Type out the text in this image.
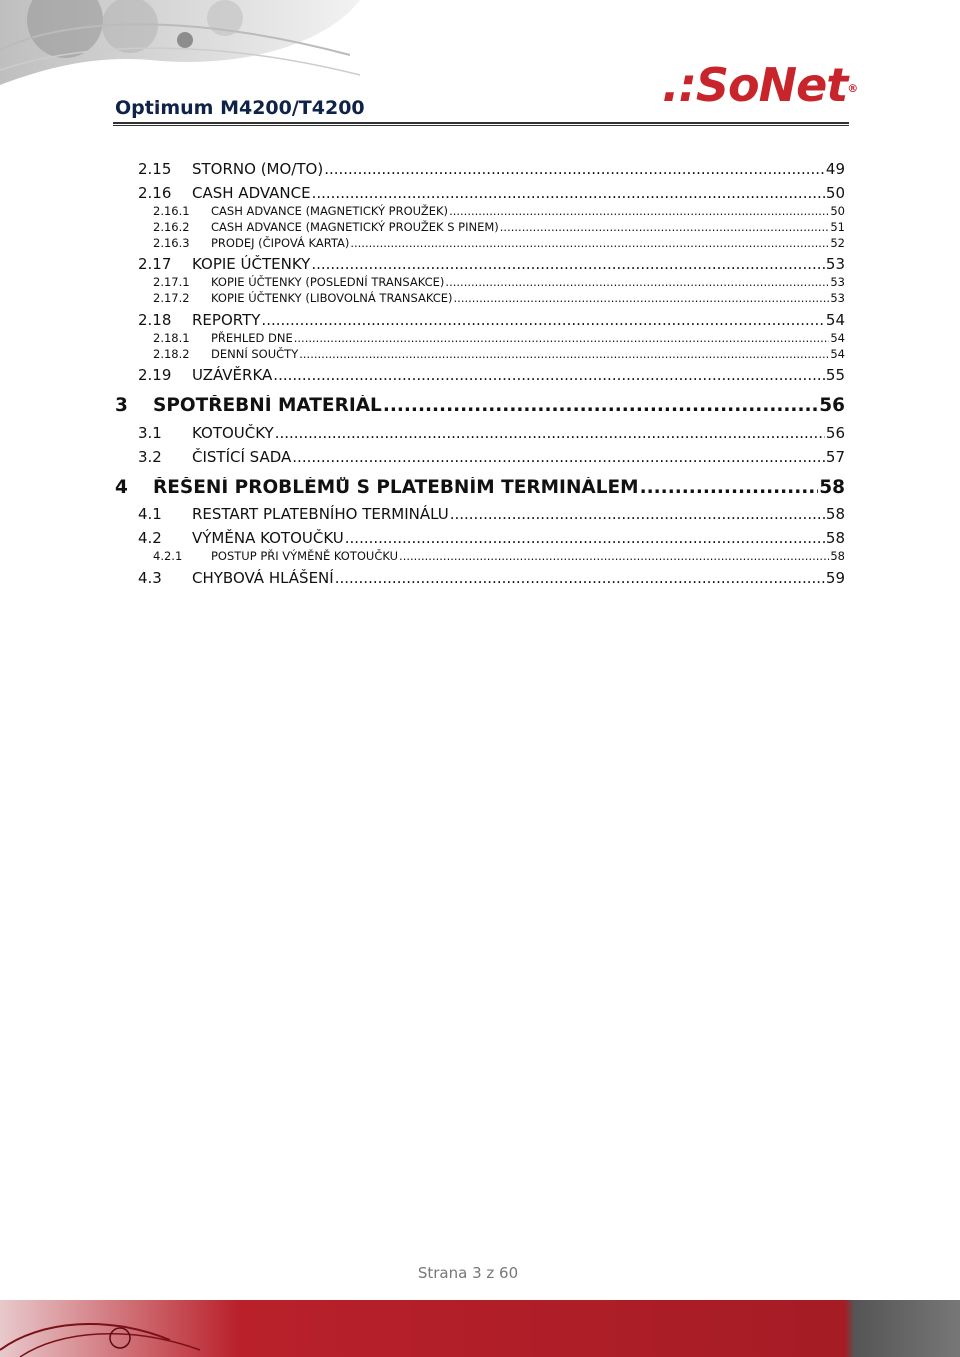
Optimum M4200/T4200	.:SoNet®
2.15	STORNO (MO/TO) .....	49
2.16	CASH ADVANCE .....	50
2.16.1	CASH ADVANCE (MAGNETICKÝ PROUŽEK) .....	50
2.16.2	CASH ADVANCE (MAGNETICKÝ PROUŽEK S PINEM) .....	51
2.16.3	PRODEJ (ČIPOVÁ KARTA) .....	52
2.17	KOPIE ÚČTENKY .....	53
2.17.1	KOPIE ÚČTENKY (POSLEDNÍ TRANSAKCE) .....	53
2.17.2	KOPIE ÚČTENKY (LIBOVOLNÁ TRANSAKCE) .....	53
2.18	REPORTY .....	54
2.18.1	PŘEHLED DNE .....	54
2.18.2	DENNÍ SOUČTY .....	54
2.19	UZÁVĚRKA .....	55
3	SPOTŘEBNÍ MATERIÁL .....	56
3.1	KOTOUČKY .....	56
3.2	ČISTÍCÍ SADA .....	57
4	ŘEŠENÍ PROBLÉMŮ S PLATEBNÍM TERMINÁLEM .....	58
4.1	RESTART PLATEBNÍHO TERMINÁLU .....	58
4.2	VÝMĚNA KOTOUČKU .....	58
4.2.1	POSTUP PŘI VÝMĚNĚ KOTOUČKU .....	58
4.3	CHYBOVÁ HLÁŠENÍ .....	59
Strana 3 z 60
